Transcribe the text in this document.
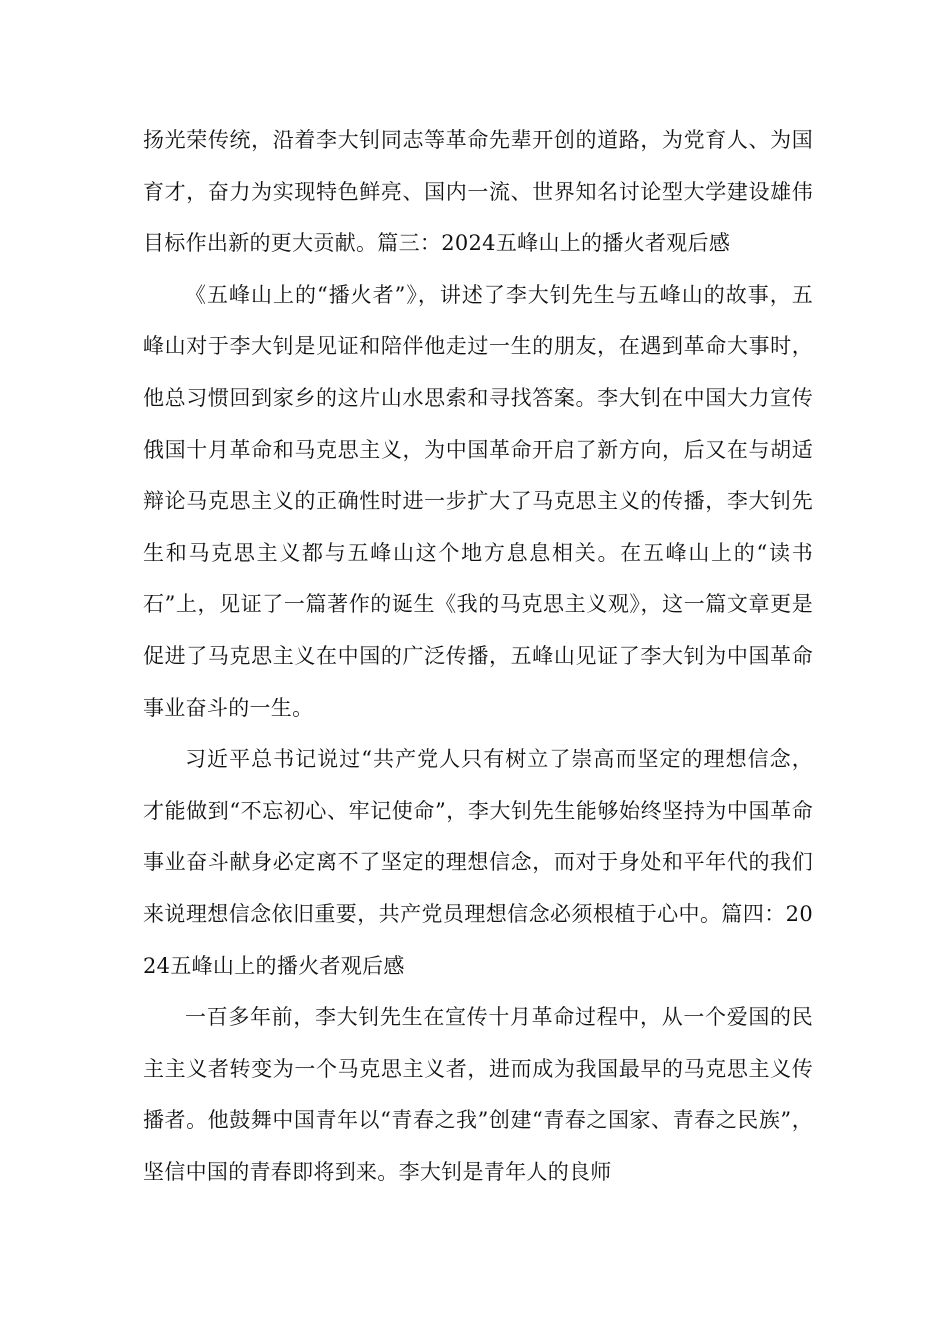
扬光荣传统，沿着李大钊同志等革命先辈开创的道路，为党育人、为国育才，奋力为实现特色鲜亮、国内一流、世界知名讨论型大学建设雄伟目标作出新的更大贡献。篇三：2024五峰山上的播火者观后感

《五峰山上的“播火者”》，讲述了李大钊先生与五峰山的故事，五峰山对于李大钊是见证和陪伴他走过一生的朋友，在遇到革命大事时，他总习惯回到家乡的这片山水思索和寻找答案。李大钊在中国大力宣传俄国十月革命和马克思主义，为中国革命开启了新方向，后又在与胡适辩论马克思主义的正确性时进一步扩大了马克思主义的传播，李大钊先生和马克思主义都与五峰山这个地方息息相关。在五峰山上的“读书石”上，见证了一篇著作的诞生《我的马克思主义观》，这一篇文章更是促进了马克思主义在中国的广泛传播，五峰山见证了李大钊为中国革命事业奋斗的一生。

习近平总书记说过“共产党人只有树立了崇高而坚定的理想信念，才能做到“不忘初心、牢记使命”，李大钊先生能够始终坚持为中国革命事业奋斗献身必定离不了坚定的理想信念，而对于身处和平年代的我们来说理想信念依旧重要，共产党员理想信念必须根植于心中。篇四：2024五峰山上的播火者观后感

一百多年前，李大钊先生在宣传十月革命过程中，从一个爱国的民主主义者转变为一个马克思主义者，进而成为我国最早的马克思主义传播者。他鼓舞中国青年以“青春之我”创建“青春之国家、青春之民族”，坚信中国的青春即将到来。李大钊是青年人的良师
